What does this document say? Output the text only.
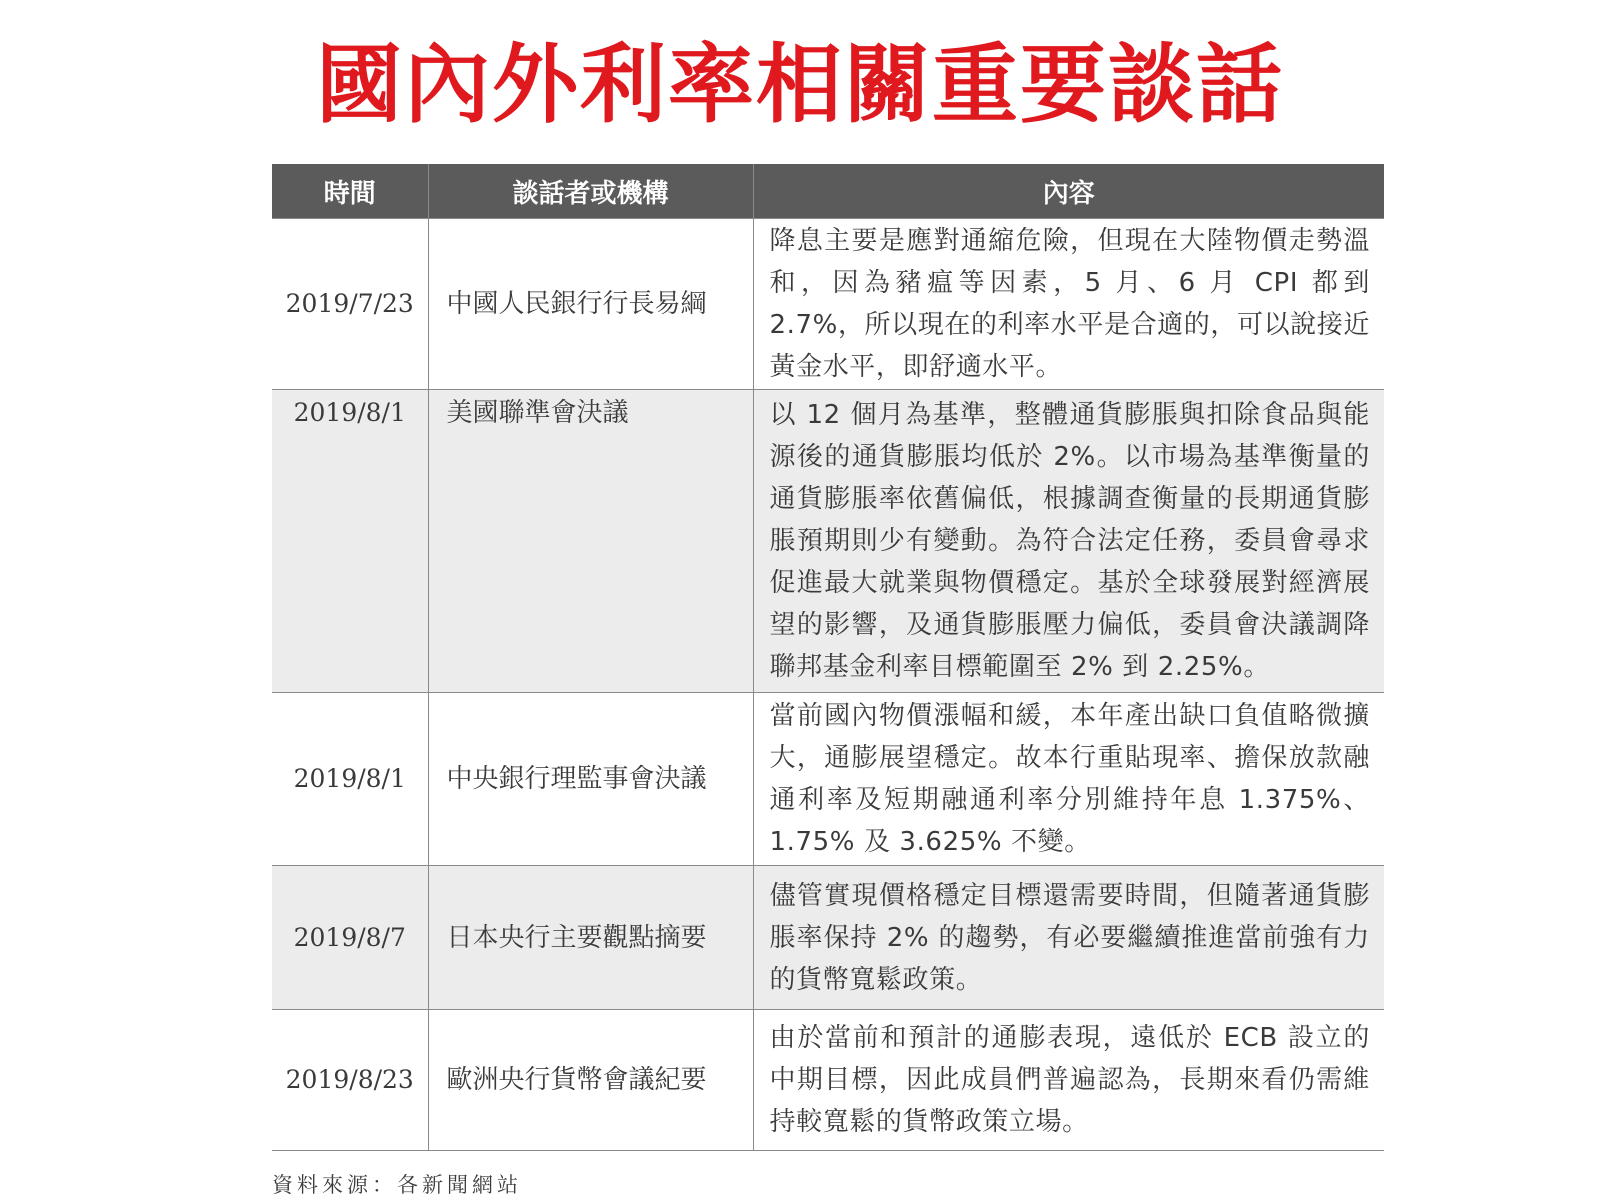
國內外利率相關重要談話
時間	談話者或機構	內容
2019/7/23	中國人民銀行行長易綱	降息主要是應對通縮危險，但現在大陸物價走勢溫和，因為豬瘟等因素，5 月、6 月 CPI 都到 2.7%，所以現在的利率水平是合適的，可以說接近黃金水平，即舒適水平。
2019/8/1	美國聯準會決議	以 12 個月為基準，整體通貨膨脹與扣除食品與能源後的通貨膨脹均低於 2%。以市場為基準衡量的通貨膨脹率依舊偏低，根據調查衡量的長期通貨膨脹預期則少有變動。為符合法定任務，委員會尋求促進最大就業與物價穩定。基於全球發展對經濟展望的影響，及通貨膨脹壓力偏低，委員會決議調降聯邦基金利率目標範圍至 2% 到 2.25%。
2019/8/1	中央銀行理監事會決議	當前國內物價漲幅和緩，本年產出缺口負值略微擴大，通膨展望穩定。故本行重貼現率、擔保放款融通利率及短期融通利率分別維持年息 1.375%、1.75% 及 3.625% 不變。
2019/8/7	日本央行主要觀點摘要	儘管實現價格穩定目標還需要時間，但隨著通貨膨脹率保持 2% 的趨勢，有必要繼續推進當前強有力的貨幣寬鬆政策。
2019/8/23	歐洲央行貨幣會議紀要	由於當前和預計的通膨表現，遠低於 ECB 設立的中期目標，因此成員們普遍認為，長期來看仍需維持較寬鬆的貨幣政策立場。
資料來源：各新聞網站
